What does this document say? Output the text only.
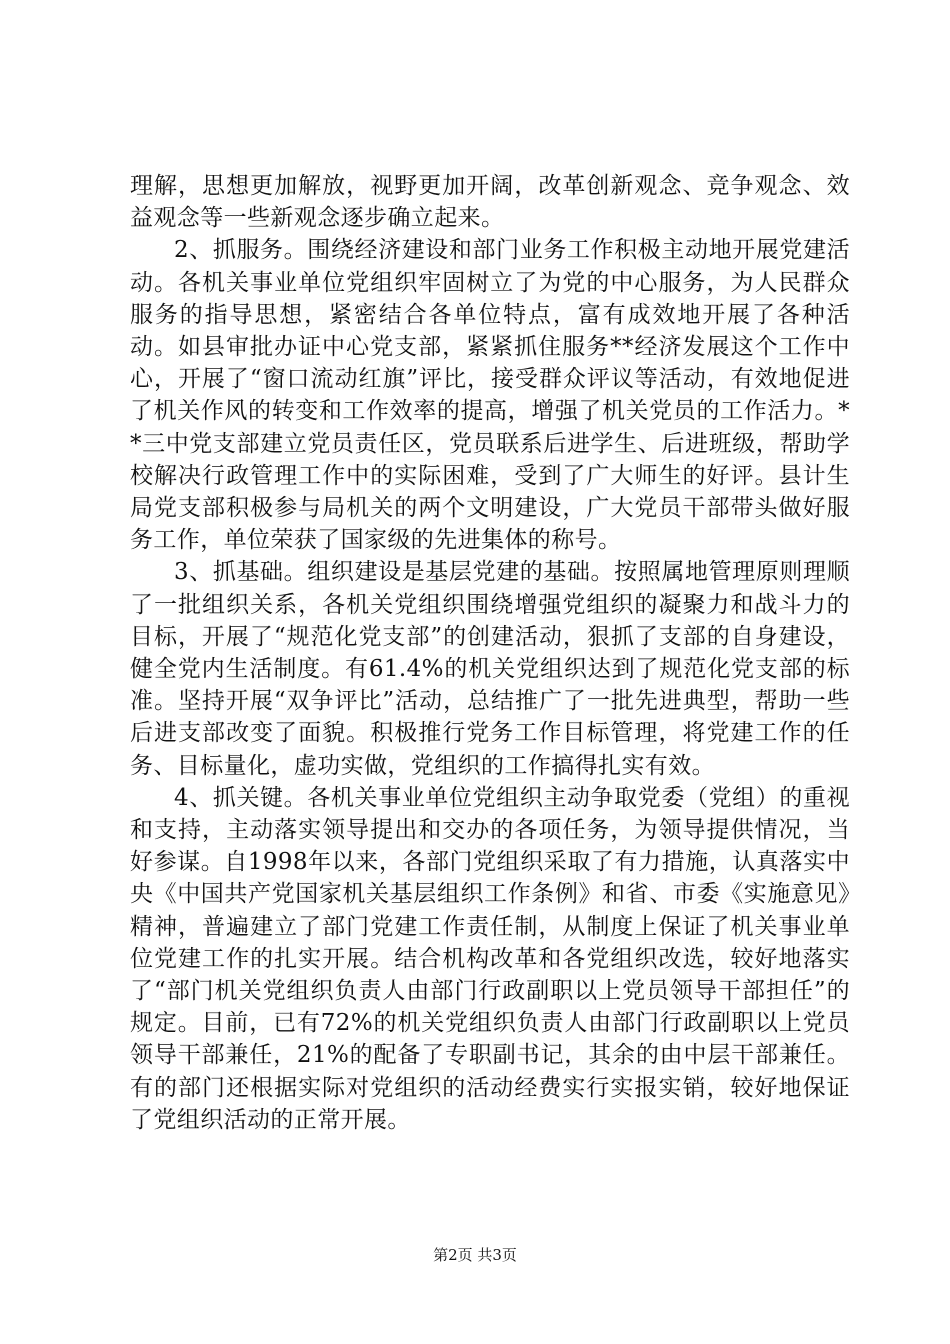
理解，思想更加解放，视野更加开阔，改革创新观念、竞争观念、效益观念等一些新观念逐步确立起来。

2、抓服务。围绕经济建设和部门业务工作积极主动地开展党建活动。各机关事业单位党组织牢固树立了为党的中心服务，为人民群众服务的指导思想，紧密结合各单位特点，富有成效地开展了各种活动。如县审批办证中心党支部，紧紧抓住服务**经济发展这个工作中心，开展了“窗口流动红旗”评比，接受群众评议等活动，有效地促进了机关作风的转变和工作效率的提高，增强了机关党员的工作活力。**三中党支部建立党员责任区，党员联系后进学生、后进班级，帮助学校解决行政管理工作中的实际困难，受到了广大师生的好评。县计生局党支部积极参与局机关的两个文明建设，广大党员干部带头做好服务工作，单位荣获了国家级的先进集体的称号。

3、抓基础。组织建设是基层党建的基础。按照属地管理原则理顺了一批组织关系，各机关党组织围绕增强党组织的凝聚力和战斗力的目标，开展了“规范化党支部”的创建活动，狠抓了支部的自身建设，健全党内生活制度。有61.4%的机关党组织达到了规范化党支部的标准。坚持开展“双争评比”活动，总结推广了一批先进典型，帮助一些后进支部改变了面貌。积极推行党务工作目标管理，将党建工作的任务、目标量化，虚功实做，党组织的工作搞得扎实有效。

4、抓关键。各机关事业单位党组织主动争取党委（党组）的重视和支持，主动落实领导提出和交办的各项任务，为领导提供情况，当好参谋。自1998年以来，各部门党组织采取了有力措施，认真落实中央《中国共产党国家机关基层组织工作条例》和省、市委《实施意见》精神，普遍建立了部门党建工作责任制，从制度上保证了机关事业单位党建工作的扎实开展。结合机构改革和各党组织改选，较好地落实了“部门机关党组织负责人由部门行政副职以上党员领导干部担任”的规定。目前，已有72%的机关党组织负责人由部门行政副职以上党员领导干部兼任，21%的配备了专职副书记，其余的由中层干部兼任。有的部门还根据实际对党组织的活动经费实行实报实销，较好地保证了党组织活动的正常开展。

第2页 共3页
